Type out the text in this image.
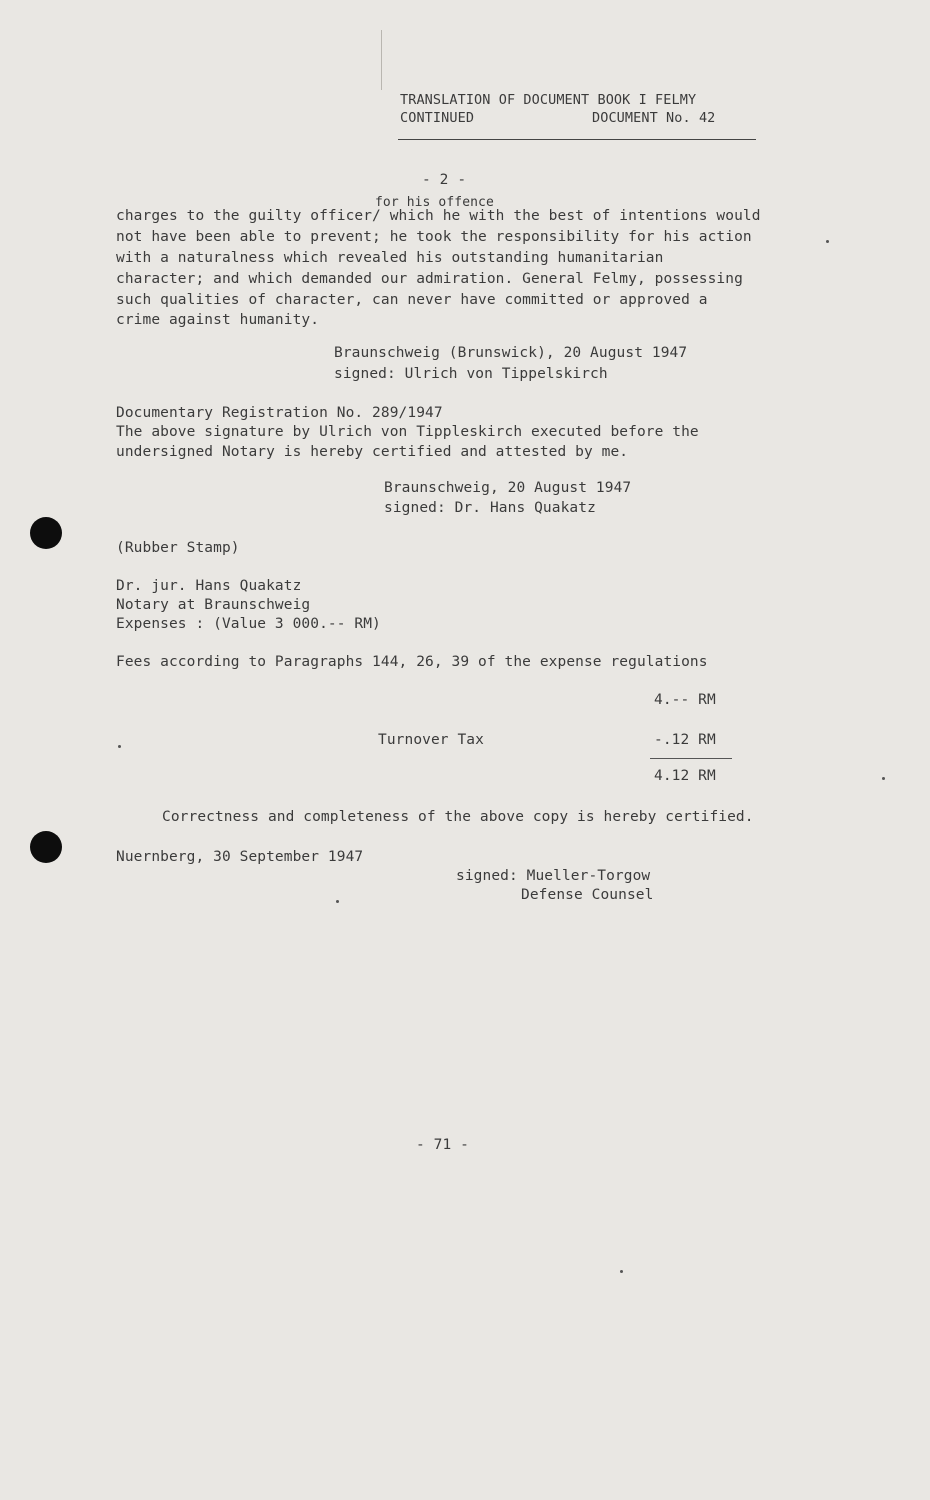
TRANSLATION OF DOCUMENT BOOK I FELMY
CONTINUED	DOCUMENT No. 42
- 2 -
for his offence
charges to the guilty officer/ which he with the best of intentions would
not have been able to prevent; he took the responsibility for his action
with a naturalness which revealed his outstanding humanitarian
character; and which demanded our admiration. General Felmy, possessing
such qualities of character, can never have committed or approved a
crime against humanity.
Braunschweig (Brunswick), 20 August 1947
signed: Ulrich von Tippelskirch
Documentary Registration No. 289/1947
The above signature by Ulrich von Tippleskirch executed before the
undersigned Notary is hereby certified and attested by me.
Braunschweig, 20 August 1947
signed: Dr. Hans Quakatz
(Rubber Stamp)
Dr. jur. Hans Quakatz
Notary at Braunschweig
Expenses : (Value 3 000.-- RM)
Fees according to Paragraphs 144, 26, 39 of the expense regulations
4.-- RM
Turnover Tax	-.12 RM
4.12 RM
Correctness and completeness of the above copy is hereby certified.
Nuernberg, 30 September 1947
signed: Mueller-Torgow
Defense Counsel
- 71 -
